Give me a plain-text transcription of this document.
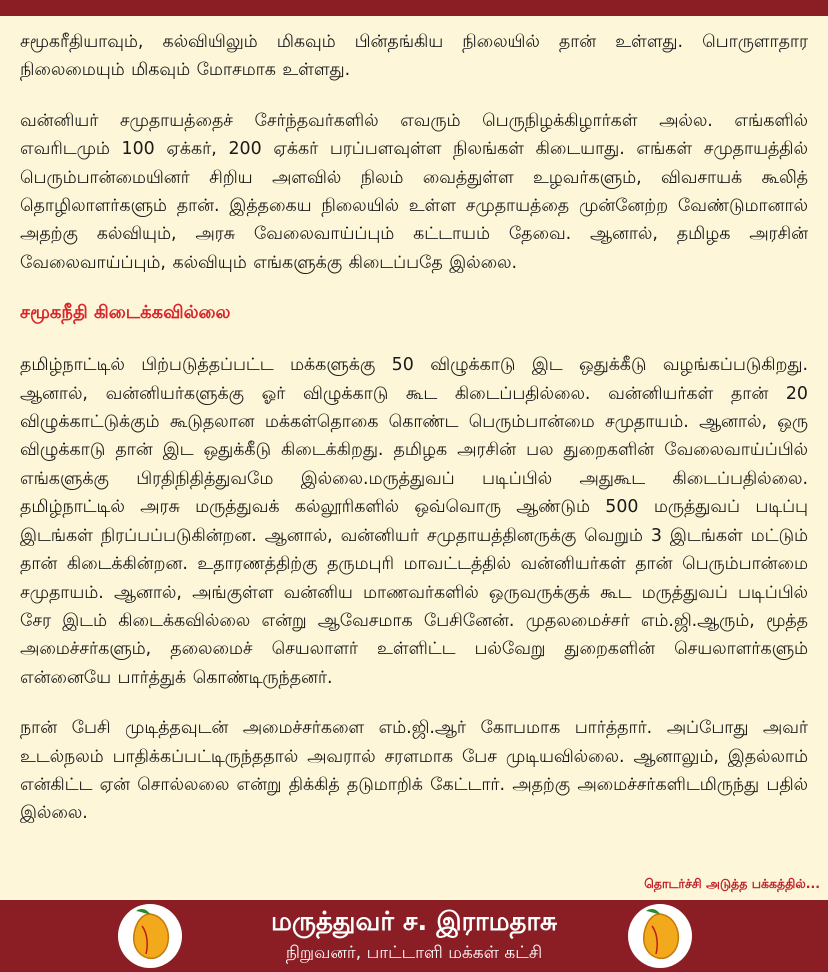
சமூகரீதியாவும், கல்வியிலும் மிகவும் பின்தங்கிய நிலையில் தான் உள்ளது. பொருளாதார நிலைமையும் மிகவும் மோசமாக உள்ளது.

வன்னியர் சமுதாயத்தைச் சேர்ந்தவர்களில் எவரும் பெருநிழக்கிழார்கள் அல்ல. எங்களில் எவரிடமும் 100 ஏக்கர், 200 ஏக்கர் பரப்பளவுள்ள நிலங்கள் கிடையாது. எங்கள் சமுதாயத்தில் பெரும்பான்மையினர் சிறிய அளவில் நிலம் வைத்துள்ள உழவர்களும், விவசாயக் கூலித் தொழிலாளர்களும் தான். இத்தகைய நிலையில் உள்ள சமுதாயத்தை முன்னேற்ற வேண்டுமானால் அதற்கு கல்வியும், அரசு வேலைவாய்ப்பும் கட்டாயம் தேவை. ஆனால், தமிழக அரசின் வேலைவாய்ப்பும், கல்வியும் எங்களுக்கு கிடைப்பதே இல்லை.

சமூகநீதி கிடைக்கவில்லை

தமிழ்நாட்டில் பிற்படுத்தப்பட்ட மக்களுக்கு 50 விழுக்காடு இட ஒதுக்கீடு வழங்கப்படுகிறது. ஆனால், வன்னியர்களுக்கு ஓர் விழுக்காடு கூட கிடைப்பதில்லை. வன்னியர்கள் தான் 20 விழுக்காட்டுக்கும் கூடுதலான மக்கள்தொகை கொண்ட பெரும்பான்மை சமுதாயம். ஆனால், ஒரு விழுக்காடு தான் இட ஒதுக்கீடு கிடைக்கிறது. தமிழக அரசின் பல துறைகளின் வேலைவாய்ப்பில் எங்களுக்கு பிரதிநிதித்துவமே இல்லை.மருத்துவப் படிப்பில் அதுகூட கிடைப்பதில்லை. தமிழ்நாட்டில் அரசு மருத்துவக் கல்லூரிகளில் ஒவ்வொரு ஆண்டும் 500 மருத்துவப் படிப்பு இடங்கள் நிரப்பப்படுகின்றன. ஆனால், வன்னியர் சமுதாயத்தினருக்கு வெறும் 3 இடங்கள் மட்டும் தான் கிடைக்கின்றன. உதாரணத்திற்கு தருமபுரி மாவட்டத்தில் வன்னியர்கள் தான் பெரும்பான்மை சமுதாயம். ஆனால், அங்குள்ள வன்னிய மாணவர்களில் ஒருவருக்குக் கூட மருத்துவப் படிப்பில் சேர இடம் கிடைக்கவில்லை என்று ஆவேசமாக பேசினேன். முதலமைச்சர் எம்.ஜி.ஆரும், மூத்த அமைச்சர்களும், தலைமைச் செயலாளர் உள்ளிட்ட பல்வேறு துறைகளின் செயலாளர்களும் என்னையே பார்த்துக் கொண்டிருந்தனர்.

நான் பேசி முடித்தவுடன் அமைச்சர்களை எம்.ஜி.ஆர் கோபமாக பார்த்தார். அப்போது அவர் உடல்நலம் பாதிக்கப்பட்டிருந்ததால் அவரால் சரளமாக பேச முடியவில்லை. ஆனாலும், இதல்லாம் என்கிட்ட ஏன் சொல்லலை என்று திக்கித் தடுமாறிக் கேட்டார். அதற்கு அமைச்சர்களிடமிருந்து பதில் இல்லை.

தொடர்ச்சி அடுத்த பக்கத்தில்...
மருத்துவர் ச. இராமதாசு
நிறுவனர், பாட்டாளி மக்கள் கட்சி
